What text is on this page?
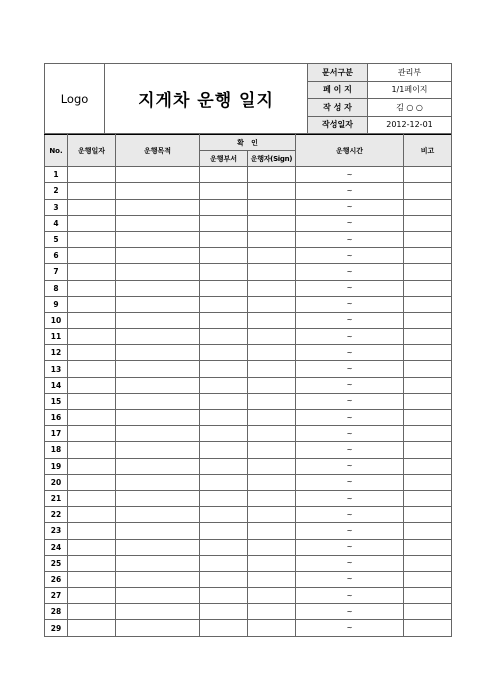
Logo	지게차 운행 일지	문서구분	관리부
		페 이 지	1/1페이지
		작 성 자	김 ○ ○
		작성일자	2012-12-01
No.	운행일자	운행목적	확   인		운행시간	비고
			운행부서	운행자(Sign)		
1					~	
2					~	
3					~	
4					~	
5					~	
6					~	
7					~	
8					~	
9					~	
10					~	
11					~	
12					~	
13					~	
14					~	
15					~	
16					~	
17					~	
18					~	
19					~	
20					~	
21					~	
22					~	
23					~	
24					~	
25					~	
26					~	
27					~	
28					~	
29					~	
